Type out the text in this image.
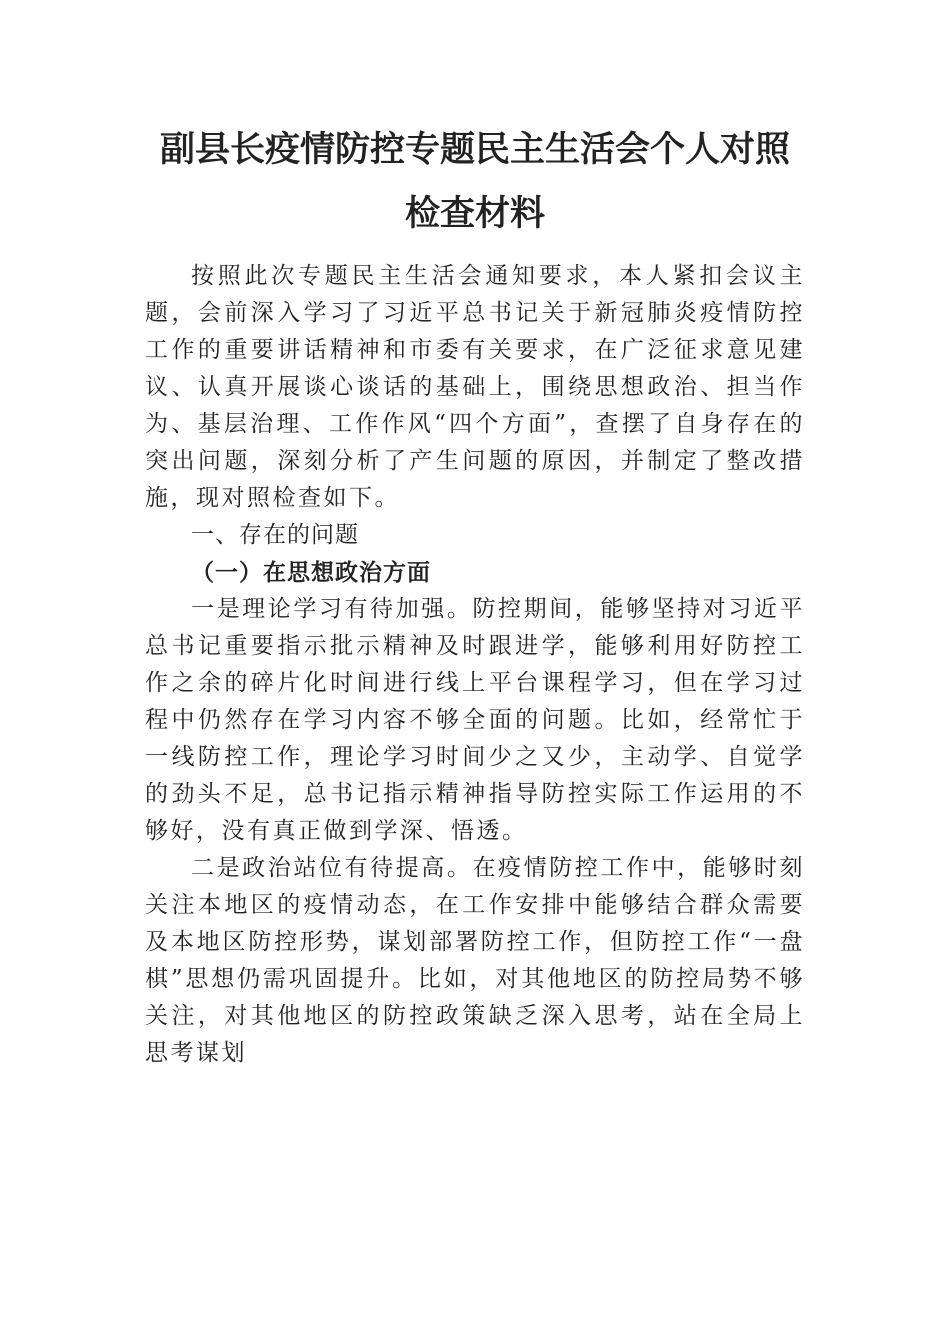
副县长疫情防控专题民主生活会个人对照
检查材料

按照此次专题民主生活会通知要求，本人紧扣会议主题，会前深入学习了习近平总书记关于新冠肺炎疫情防控工作的重要讲话精神和市委有关要求，在广泛征求意见建议、认真开展谈心谈话的基础上，围绕思想政治、担当作为、基层治理、工作作风“四个方面”，查摆了自身存在的突出问题，深刻分析了产生问题的原因，并制定了整改措施，现对照检查如下。

一、存在的问题

（一）在思想政治方面

一是理论学习有待加强。防控期间，能够坚持对习近平总书记重要指示批示精神及时跟进学，能够利用好防控工作之余的碎片化时间进行线上平台课程学习，但在学习过程中仍然存在学习内容不够全面的问题。比如，经常忙于一线防控工作，理论学习时间少之又少，主动学、自觉学的劲头不足，总书记指示精神指导防控实际工作运用的不够好，没有真正做到学深、悟透。

二是政治站位有待提高。在疫情防控工作中，能够时刻关注本地区的疫情动态，在工作安排中能够结合群众需要及本地区防控形势，谋划部署防控工作，但防控工作“一盘棋”思想仍需巩固提升。比如，对其他地区的防控局势不够关注，对其他地区的防控政策缺乏深入思考，站在全局上思考谋划
